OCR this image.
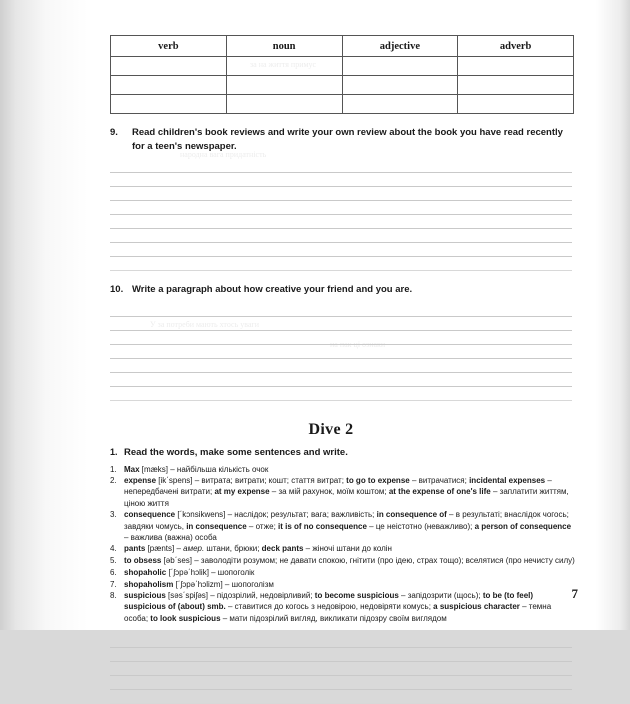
за на життя примус
народна вага придатність
У за потреби мають хтось уваги
на пак ці ознаки
verb	noun	adjective	adverb

9.	Read children's book reviews and write your own review about the book you have read recently for a teen's newspaper.
10. Write a paragraph about how creative your friend and you are.
Dive 2
1. Read the words, make some sentences and write.
1. Max [mæks] – найбільша кількість очок
2. expense [ik΄spens] – витрата; витрати; кошт; стаття витрат; to go to expense – витрачатися; incidental expenses – непередбачені витрати; at my expense – за мій рахунок, моїм коштом; at the expense of one's life – заплатити життям, ціною життя
3. consequence [΄kɔnsikwens] – наслідок; результат; вага; важливість; in consequence of – в результаті; внаслідок чогось; завдяки чомусь, in consequence – отже; it is of no consequence – це неістотно (неважливо); a person of consequence – важлива (важна) особа
4. pants [pænts] – амер. штани, брюки; deck pants – жіночі штани до колін
5. to obsess [əb΄ses] – заволодіти розумом; не давати спокою, гнітити (про ідею, страх тощо); вселятися (про нечисту силу)
6. shopaholic [΄ʃɔpə΄hɔlik] – шопоголік
7. shopaholism [΄ʃɔpə΄hɔlizm] – шопоголізм
8. suspicious [səs΄spiʃəs] – підозрілий, недовірливий; to become suspicious – запідозрити (щось); to be (to feel) suspicious of (about) smb. – ставитися до когось з недовірою, недовіряти комусь; a suspicious character – темна особа; to look suspicious – мати підозрілий вигляд, викликати підозру своїм виглядом
7
